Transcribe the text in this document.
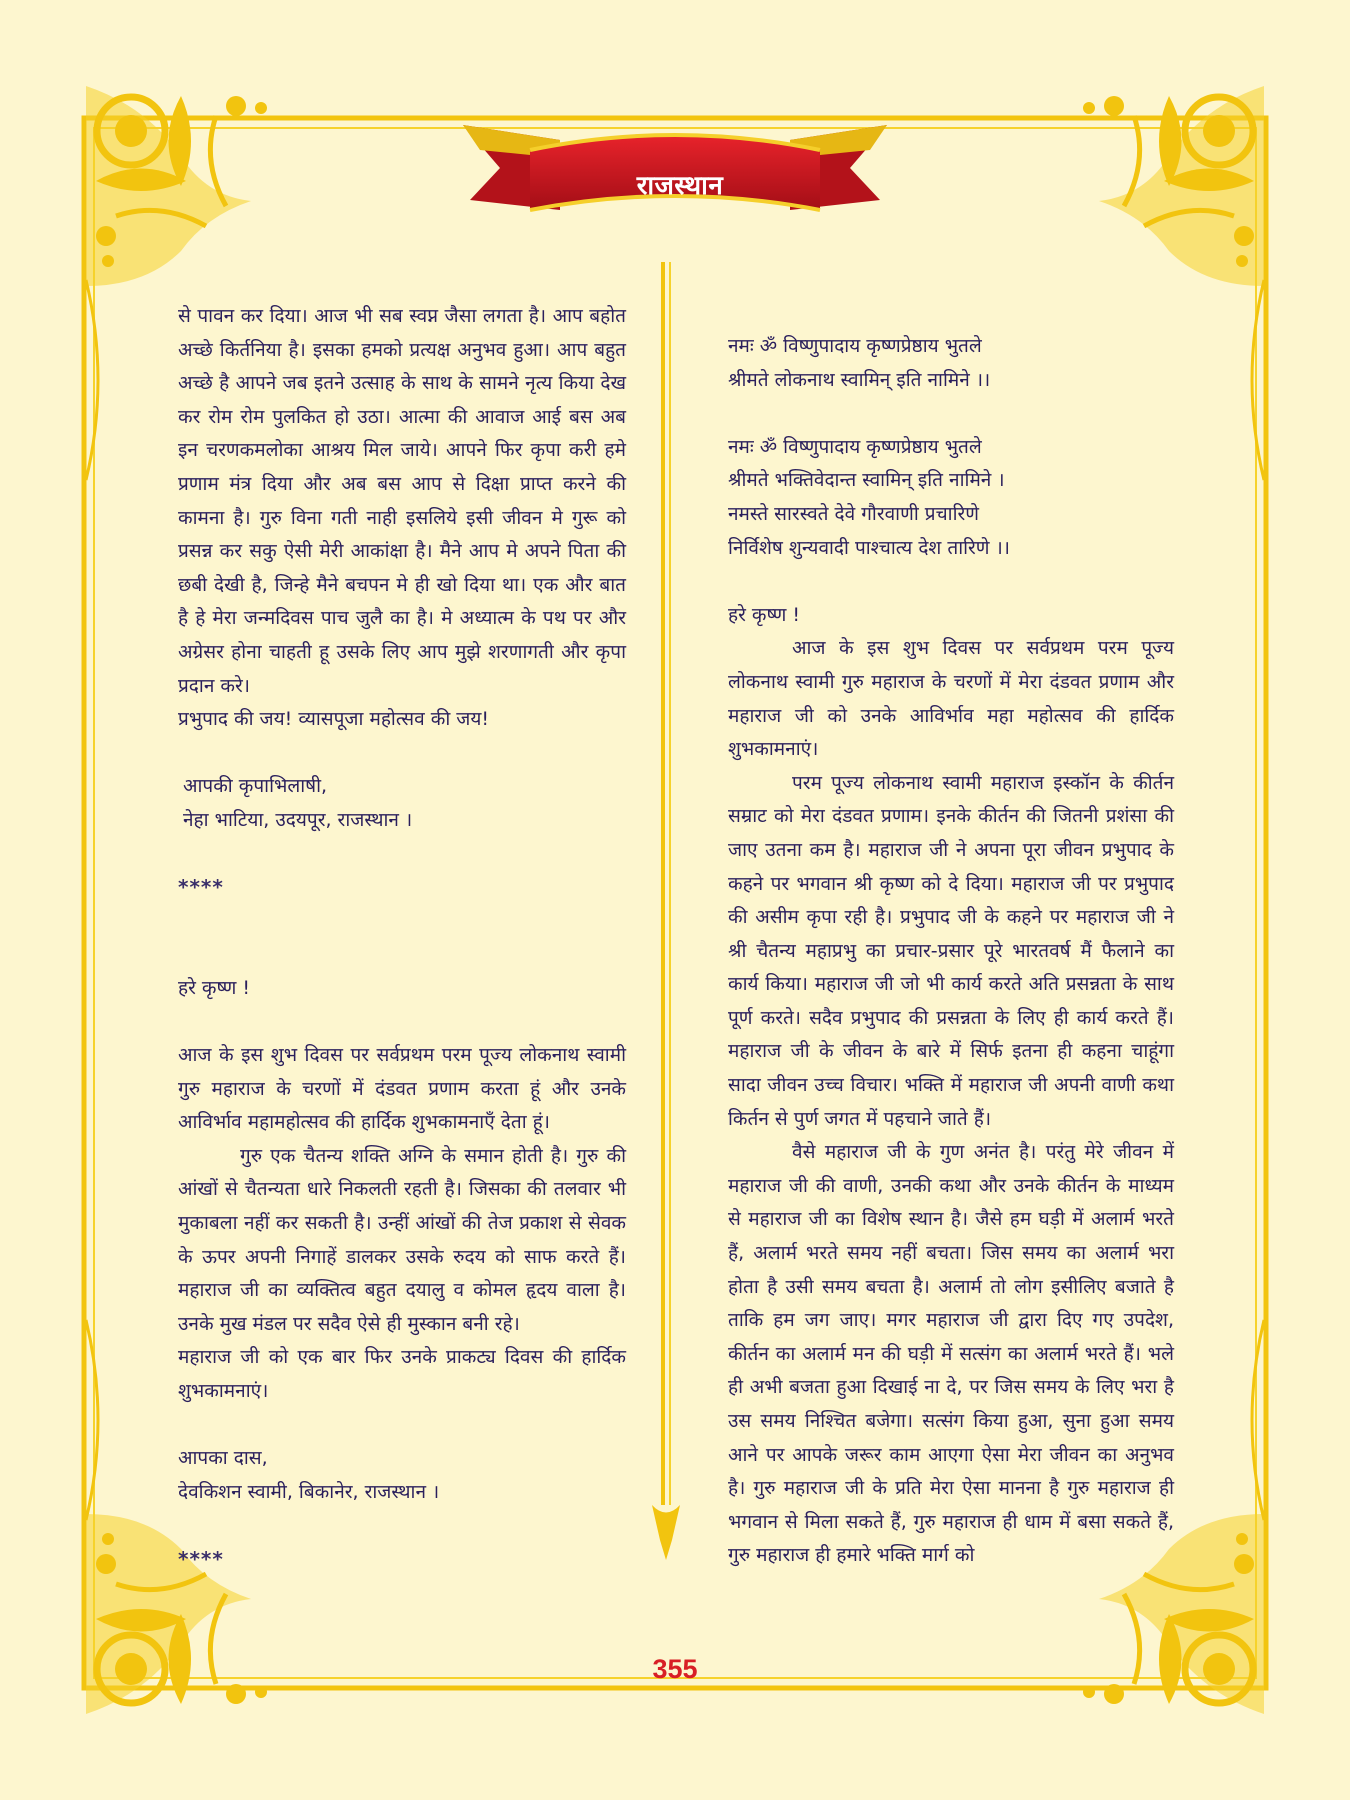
राजस्थान

से पावन कर दिया। आज भी सब स्वप्न जैसा लगता है। आप बहोत अच्छे किर्तनिया है। इसका हमको प्रत्यक्ष अनुभव हुआ। आप बहुत अच्छे है आपने जब इतने उत्साह के साथ के सामने नृत्य किया देख कर रोम रोम पुलकित हो उठा। आत्मा की आवाज आई बस अब इन चरणकमलोका आश्रय मिल जाये। आपने फिर कृपा करी हमे प्रणाम मंत्र दिया और अब बस आप से दिक्षा प्राप्त करने की कामना है। गुरु विना गती नाही इसलिये इसी जीवन मे गुरू को प्रसन्न कर सकु ऐसी मेरी आकांक्षा है। मैने आप मे अपने पिता की छबी देखी है, जिन्हे मैने बचपन मे ही खो दिया था। एक और बात है हे मेरा जन्मदिवस पाच जुलै का है। मे अध्यात्म के पथ पर और अग्रेसर होना चाहती हू उसके लिए आप मुझे शरणागती और कृपा प्रदान करे।

प्रभुपाद की जय! व्यासपूजा महोत्सव की जय!

आपकी कृपाभिलाषी,

नेहा भाटिया, उदयपूर, राजस्थान ।

****

हरे कृष्ण !

आज के इस शुभ दिवस पर सर्वप्रथम परम पूज्य लोकनाथ स्वामी गुरु महाराज के चरणों में दंडवत प्रणाम करता हूं और उनके आविर्भाव महामहोत्सव की हार्दिक शुभकामनाएँ देता हूं।

गुरु एक चैतन्य शक्ति अग्नि के समान होती है। गुरु की आंखों से चैतन्यता धारे निकलती रहती है। जिसका की तलवार भी मुकाबला नहीं कर सकती है। उन्हीं आंखों की तेज प्रकाश से सेवक के ऊपर अपनी निगाहें डालकर उसके रुदय को साफ करते हैं। महाराज जी का व्यक्तित्व बहुत दयालु व कोमल हृदय वाला है। उनके मुख मंडल पर सदैव ऐसे ही मुस्कान बनी रहे।

महाराज जी को एक बार फिर उनके प्राकट्य दिवस की हार्दिक शुभकामनाएं।

आपका दास,

देवकिशन स्वामी, बिकानेर, राजस्थान ।

****

नमः ॐ विष्णुपादाय कृष्णप्रेष्ठाय भुतले

श्रीमते लोकनाथ स्वामिन् इति नामिने ।।

नमः ॐ विष्णुपादाय कृष्णप्रेष्ठाय भुतले

श्रीमते भक्तिवेदान्त स्वामिन् इति नामिने ।

नमस्ते सारस्वते देवे गौरवाणी प्रचारिणे

निर्विशेष शुन्यवादी पाश्चात्य देश तारिणे ।।

हरे कृष्ण !

आज के इस शुभ दिवस पर सर्वप्रथम परम पूज्य लोकनाथ स्वामी गुरु महाराज के चरणों में मेरा दंडवत प्रणाम और महाराज जी को उनके आविर्भाव महा महोत्सव की हार्दिक शुभकामनाएं।

परम पूज्य लोकनाथ स्वामी महाराज इस्कॉन के कीर्तन सम्राट को मेरा दंडवत प्रणाम। इनके कीर्तन की जितनी प्रशंसा की जाए उतना कम है। महाराज जी ने अपना पूरा जीवन प्रभुपाद के कहने पर भगवान श्री कृष्ण को दे दिया। महाराज जी पर प्रभुपाद की असीम कृपा रही है। प्रभुपाद जी के कहने पर महाराज जी ने श्री चैतन्य महाप्रभु का प्रचार-प्रसार पूरे भारतवर्ष मैं फैलाने का कार्य किया। महाराज जी जो भी कार्य करते अति प्रसन्नता के साथ पूर्ण करते। सदैव प्रभुपाद की प्रसन्नता के लिए ही कार्य करते हैं। महाराज जी के जीवन के बारे में सिर्फ इतना ही कहना चाहूंगा सादा जीवन उच्च विचार। भक्ति में महाराज जी अपनी वाणी कथा किर्तन से पुर्ण जगत में पहचाने जाते हैं।

वैसे महाराज जी के गुण अनंत है। परंतु मेरे जीवन में महाराज जी की वाणी, उनकी कथा और उनके कीर्तन के माध्यम से महाराज जी का विशेष स्थान है। जैसे हम घड़ी में अलार्म भरते हैं, अलार्म भरते समय नहीं बचता। जिस समय का अलार्म भरा होता है उसी समय बचता है। अलार्म तो लोग इसीलिए बजाते है ताकि हम जग जाए। मगर महाराज जी द्वारा दिए गए उपदेश, कीर्तन का अलार्म मन की घड़ी में सत्संग का अलार्म भरते हैं। भले ही अभी बजता हुआ दिखाई ना दे, पर जिस समय के लिए भरा है उस समय निश्चित बजेगा। सत्संग किया हुआ, सुना हुआ समय आने पर आपके जरूर काम आएगा ऐसा मेरा जीवन का अनुभव है। गुरु महाराज जी के प्रति मेरा ऐसा मानना है गुरु महाराज ही भगवान से मिला सकते हैं, गुरु महाराज ही धाम में बसा सकते हैं, गुरु महाराज ही हमारे भक्ति मार्ग को

355
